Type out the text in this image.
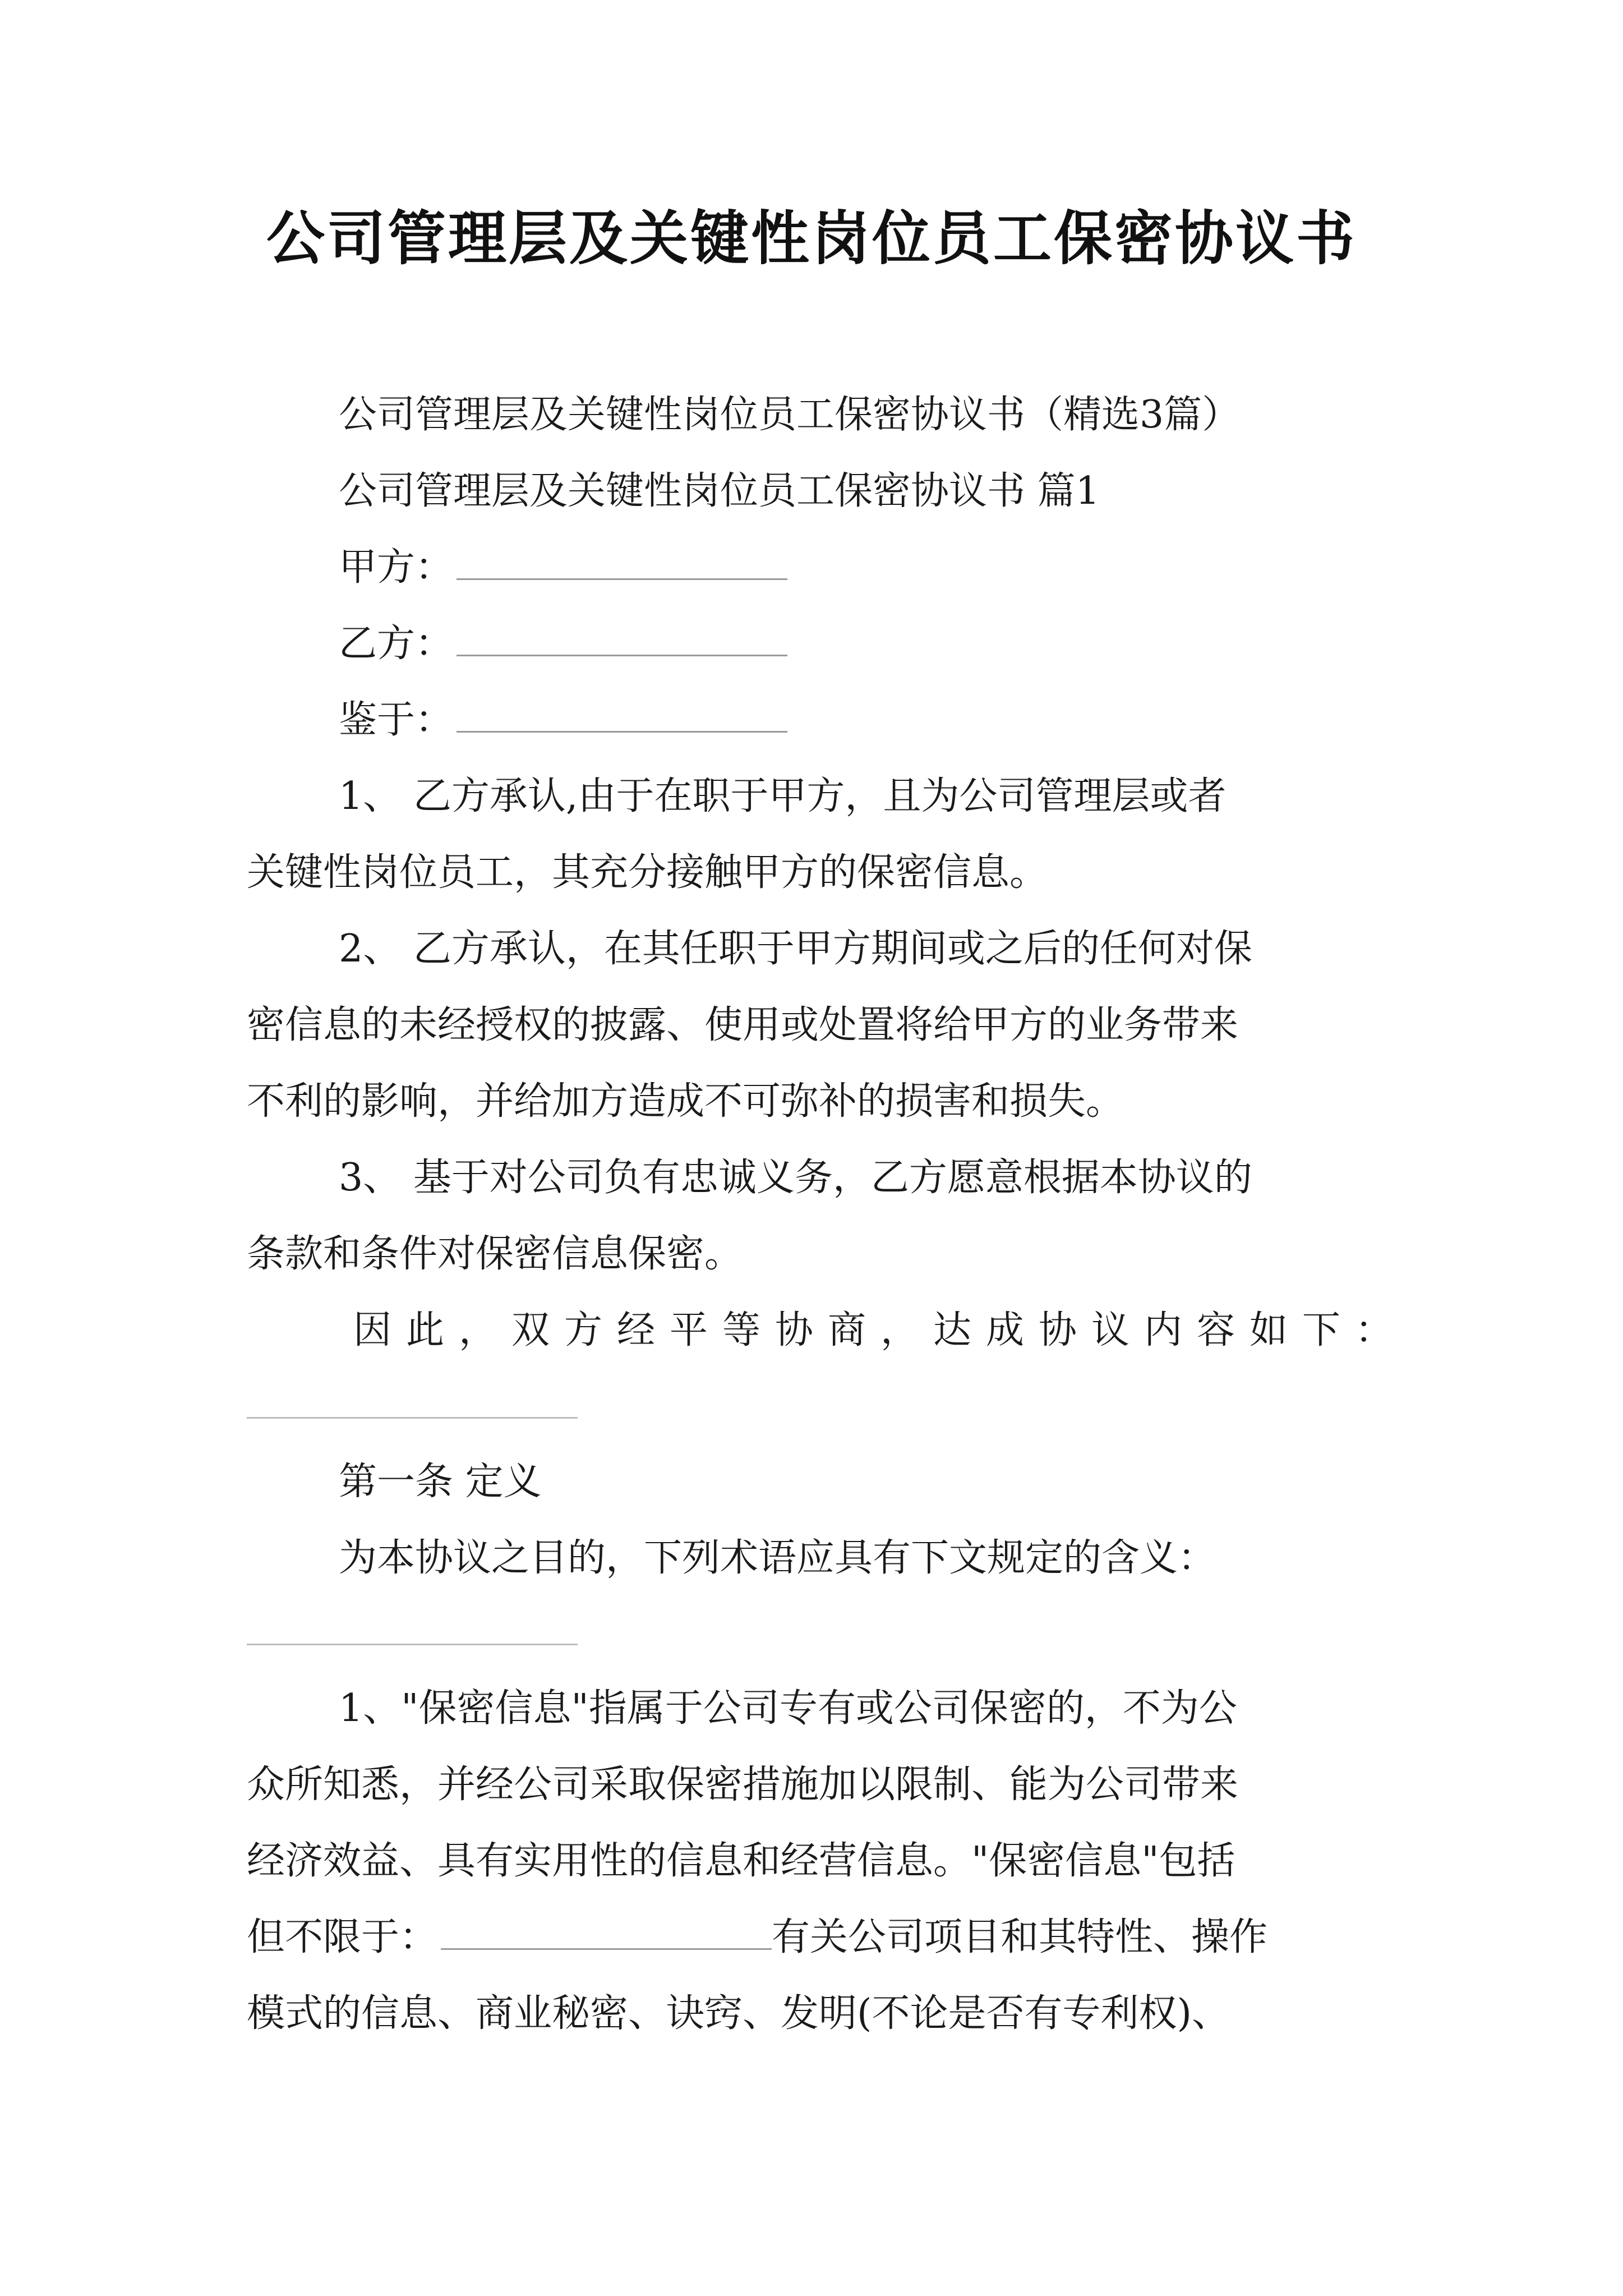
公司管理层及关键性岗位员工保密协议书
公司管理层及关键性岗位员工保密协议书（精选3篇）
公司管理层及关键性岗位员工保密协议书 篇1
甲方：
乙方：
鉴于：
1、 乙方承认,由于在职于甲方，且为公司管理层或者
关键性岗位员工，其充分接触甲方的保密信息。
2、 乙方承认，在其任职于甲方期间或之后的任何对保
密信息的未经授权的披露、使用或处置将给甲方的业务带来
不利的影响，并给加方造成不可弥补的损害和损失。
3、 基于对公司负有忠诚义务，乙方愿意根据本协议的
条款和条件对保密信息保密。
因此，双方经平等协商，达成协议内容如下：
第一条 定义
为本协议之目的，下列术语应具有下文规定的含义：
1、"保密信息"指属于公司专有或公司保密的，不为公
众所知悉，并经公司采取保密措施加以限制、能为公司带来
经济效益、具有实用性的信息和经营信息。"保密信息"包括
但不限于：	有关公司项目和其特性、操作
模式的信息、商业秘密、诀窍、发明(不论是否有专利权)、
